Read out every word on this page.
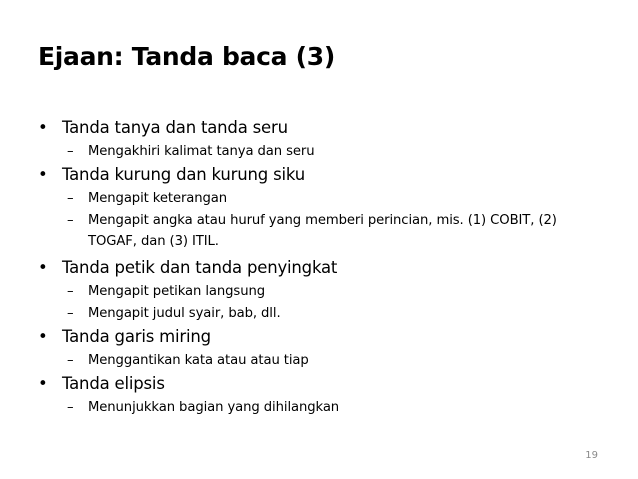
Ejaan: Tanda baca (3)
• Tanda tanya dan tanda seru
– Mengakhiri kalimat tanya dan seru
• Tanda kurung dan kurung siku
– Mengapit keterangan
– Mengapit angka atau huruf yang memberi perincian, mis. (1) COBIT, (2)
TOGAF, dan (3) ITIL.
• Tanda petik dan tanda penyingkat
– Mengapit petikan langsung
– Mengapit judul syair, bab, dll.
• Tanda garis miring
– Menggantikan kata atau atau tiap
• Tanda elipsis
– Menunjukkan bagian yang dihilangkan
19
